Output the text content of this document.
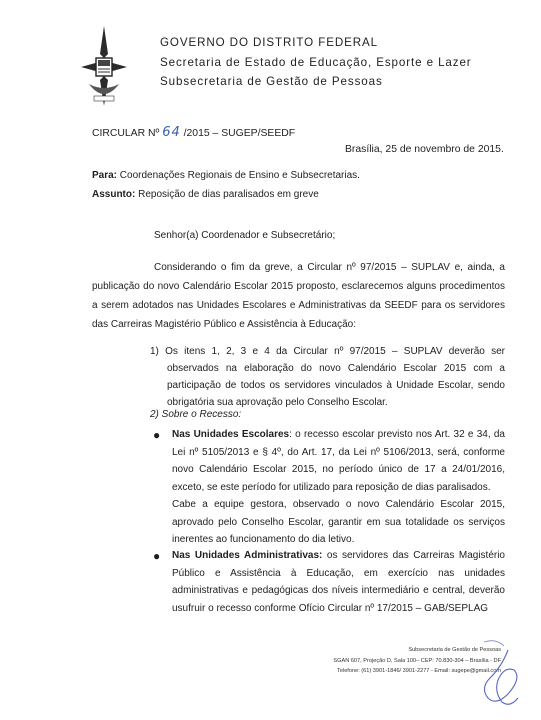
GOVERNO DO DISTRITO FEDERAL
Secretaria de Estado de Educação, Esporte e Lazer
Subsecretaria de Gestão de Pessoas
CIRCULAR Nº 64 /2015 – SUGEP/SEEDF
Brasília, 25 de novembro de 2015.
Para: Coordenações Regionais de Ensino e Subsecretarias.
Assunto: Reposição de dias paralisados em greve
Senhor(a) Coordenador e Subsecretário;

Considerando o fim da greve, a Circular nº 97/2015 – SUPLAV e, ainda, a publicação do novo Calendário Escolar 2015 proposto, esclarecemos alguns procedimentos a serem adotados nas Unidades Escolares e Administrativas da SEEDF para os servidores das Carreiras Magistério Público e Assistência à Educação:

1) Os itens 1, 2, 3 e 4 da Circular nº 97/2015 – SUPLAV deverão ser observados na elaboração do novo Calendário Escolar 2015 com a participação de todos os servidores vinculados à Unidade Escolar, sendo obrigatória sua aprovação pelo Conselho Escolar.

2) Sobre o Recesso:
● Nas Unidades Escolares: o recesso escolar previsto nos Art. 32 e 34, da Lei nº 5105/2013 e § 4º, do Art. 17, da Lei nº 5106/2013, será, conforme novo Calendário Escolar 2015, no período único de 17 a 24/01/2016, exceto, se este período for utilizado para reposição de dias paralisados.

Cabe a equipe gestora, observado o novo Calendário Escolar 2015, aprovado pelo Conselho Escolar, garantir em sua totalidade os serviços inerentes ao funcionamento do dia letivo.

● Nas Unidades Administrativas: os servidores das Carreiras Magistério Público e Assistência à Educação, em exercício nas unidades administrativas e pedagógicas dos níveis intermediário e central, deverão usufruir o recesso conforme Ofício Circular nº 17/2015 – GAB/SEPLAG

Subsecretaria de Gestão de Pessoas
SGAN 607, Projeção D, Sala 100– CEP: 70.830-304 – Brasília - DF
Telefone: (61) 3901-1846/ 3901-2277 - Email: sugepe@gmail.com
